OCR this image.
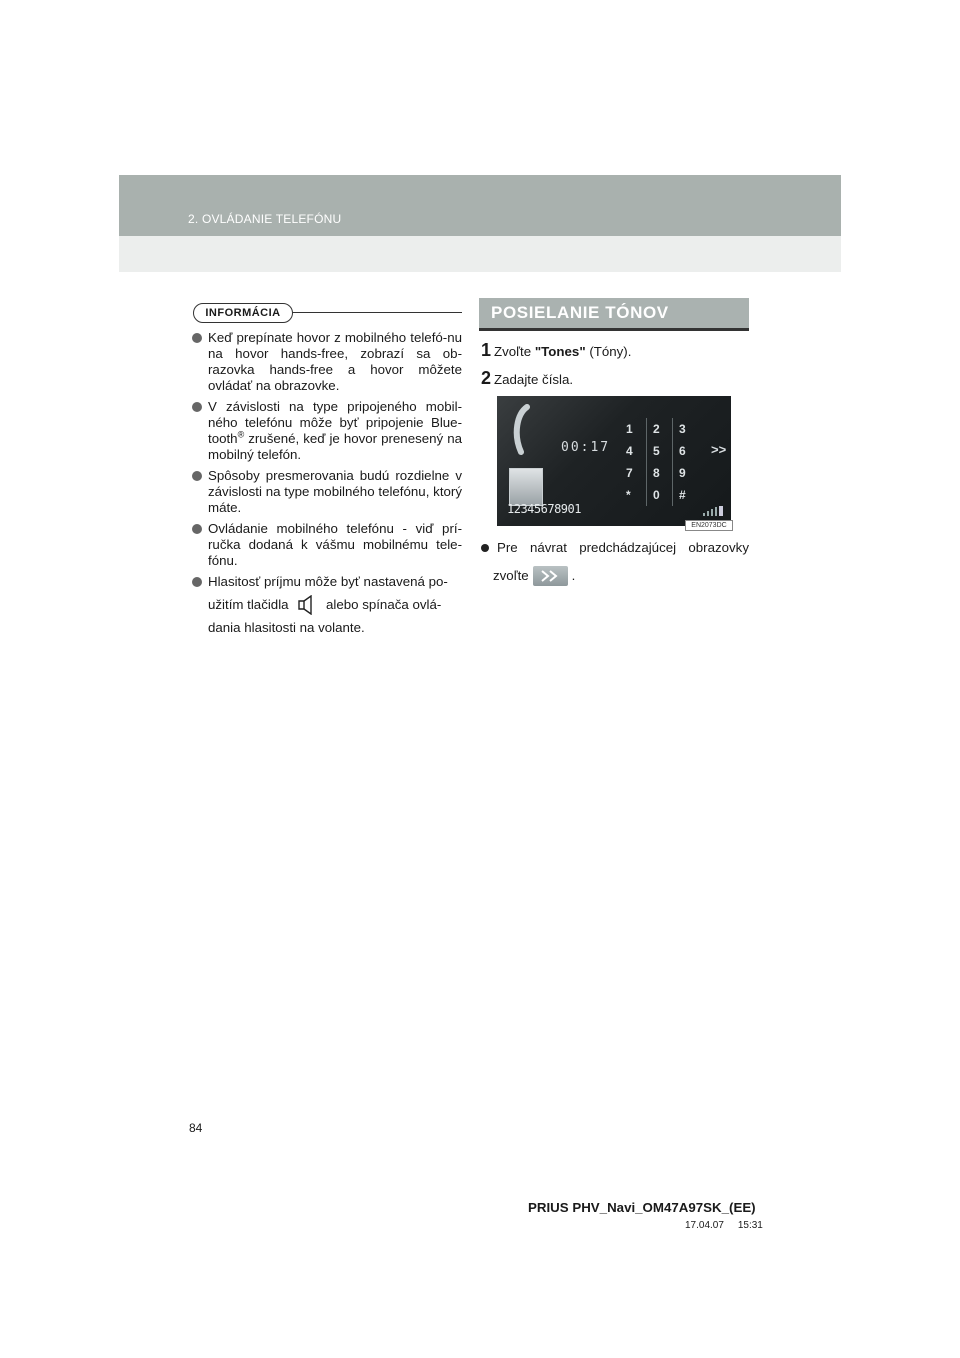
2. OVLÁDANIE TELEFÓNU
INFORMÁCIA
Keď prepínate hovor z mobilného telefó-nu na hovor hands-free, zobrazí sa ob-razovka hands-free a hovor môžete ovládať na obrazovke.
V závislosti na type pripojeného mobil-ného telefónu môže byť pripojenie Blue-tooth® zrušené, keď je hovor prenesený na mobilný telefón.
Spôsoby presmerovania budú rozdielne v závislosti na type mobilného telefónu, ktorý máte.
Ovládanie mobilného telefónu - viď prí-ručka dodaná k vášmu mobilnému tele-fónu.
Hlasitosť príjmu môže byť nastavená po-
užitím tlačidla	alebo spínača ovlá-
dania hlasitosti na volante.
POSIELANIE TÓNOV
1 Zvoľte "Tones" (Tóny).
2 Zadajte čísla.
00:17
12345678901
1	2	3
4	5	6
7	8	9
*	0	#
>>
EN2073DC
Pre návrat predchádzajúcej obrazovky
zvoľte	.
84
PRIUS PHV_Navi_OM47A97SK_(EE)
17.04.07     15:31
